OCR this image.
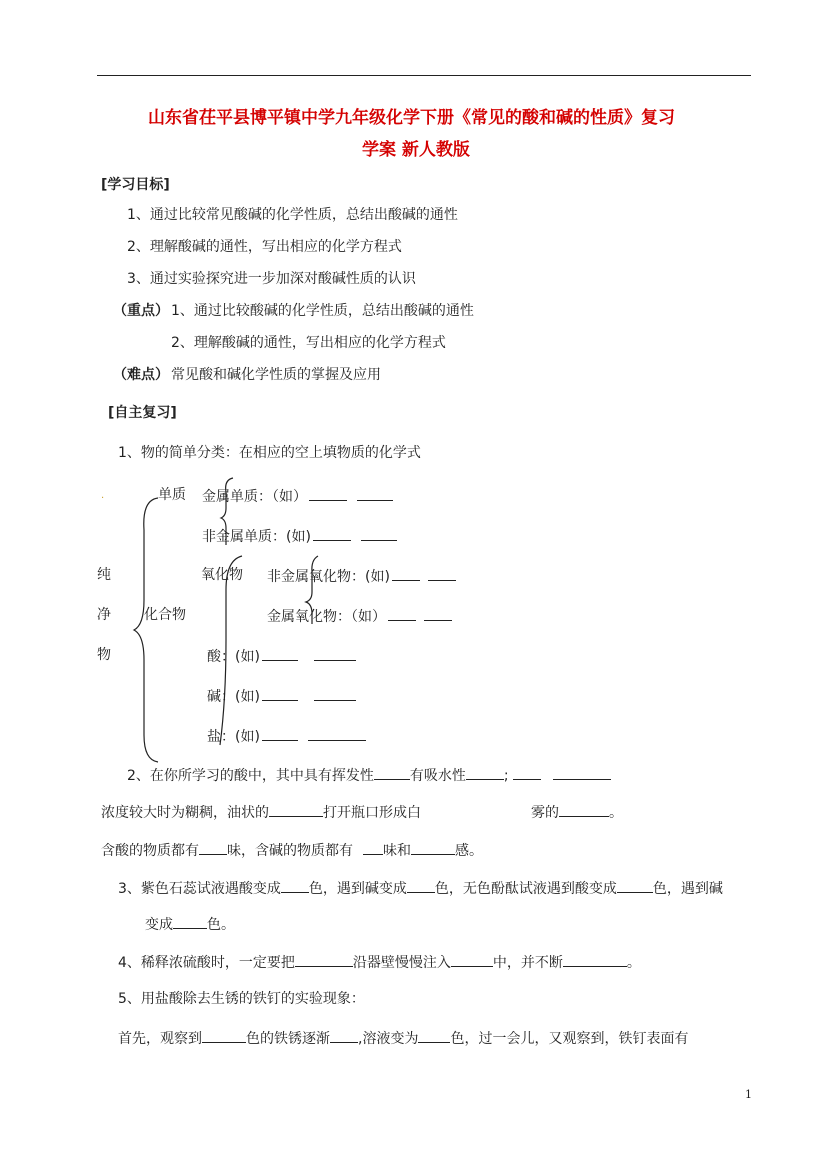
山东省茌平县博平镇中学九年级化学下册《常见的酸和碱的性质》复习
学案 新人教版
[学习目标]
1、通过比较常见酸碱的化学性质，总结出酸碱的通性
2、理解酸碱的通性，写出相应的化学方程式
3、通过实验探究进一步加深对酸碱性质的认识
（重点） 1、通过比较酸碱的化学性质，总结出酸碱的通性
2、理解酸碱的通性，写出相应的化学方程式
（难点） 常见酸和碱化学性质的掌握及应用
[自主复习]
1、物的简单分类：在相应的空上填物质的化学式
·	单质 金属单质：（如）
非金属单质：(如)
纯
净
物
氧化物 非金属氧化物：(如)
化合物	金属氧化物：（如）
酸：(如)
碱：(如)
盐：(如)
2、在你所学习的酸中，其中具有挥发性	有吸水性	;
浓度较大时为糊稠，油状的	打开瓶口形成白	雾的	。
含酸的物质都有 味，含碱的物质都有 味和	感。
3、紫色石蕊试液遇酸变成 色，遇到碱变成 色，无色酚酞试液遇到酸变成	色，遇到碱
变成 色。
4、稀释浓硫酸时，一定要把	沿器壁慢慢注入	中，并不断	。
5、用盐酸除去生锈的铁钉的实验现象：
首先，观察到	色的铁锈逐渐 ,溶液变为 色，过一会儿，又观察到，铁钉表面有
1
